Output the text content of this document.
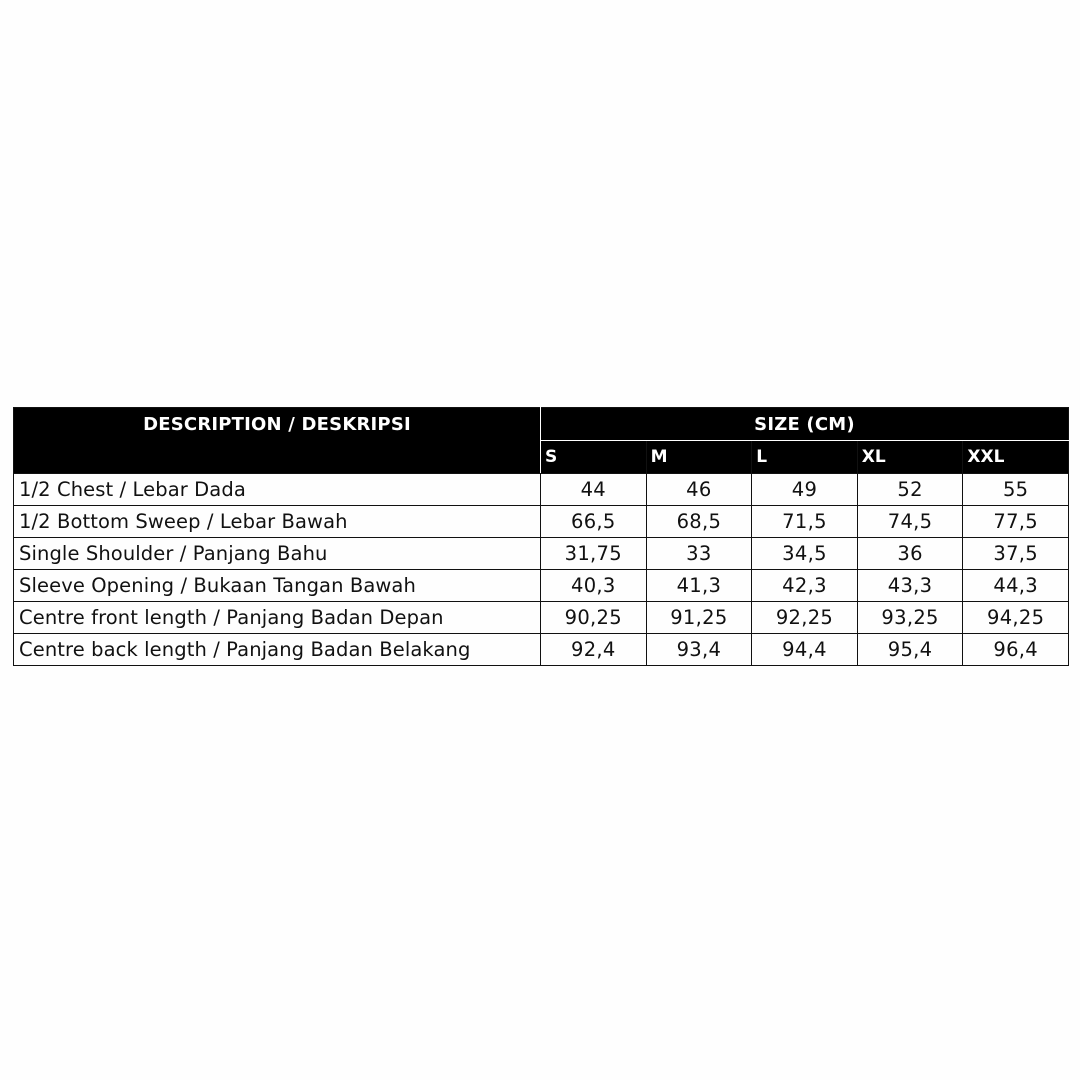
DESCRIPTION / DESKRIPSI	SIZE (CM)				
	S	M	L	XL	XXL
1/2 Chest / Lebar Dada	44	46	49	52	55
1/2 Bottom Sweep / Lebar Bawah	66,5	68,5	71,5	74,5	77,5
Single Shoulder / Panjang Bahu	31,75	33	34,5	36	37,5
Sleeve Opening / Bukaan Tangan Bawah	40,3	41,3	42,3	43,3	44,3
Centre front length / Panjang Badan Depan	90,25	91,25	92,25	93,25	94,25
Centre back length / Panjang Badan Belakang	92,4	93,4	94,4	95,4	96,4
